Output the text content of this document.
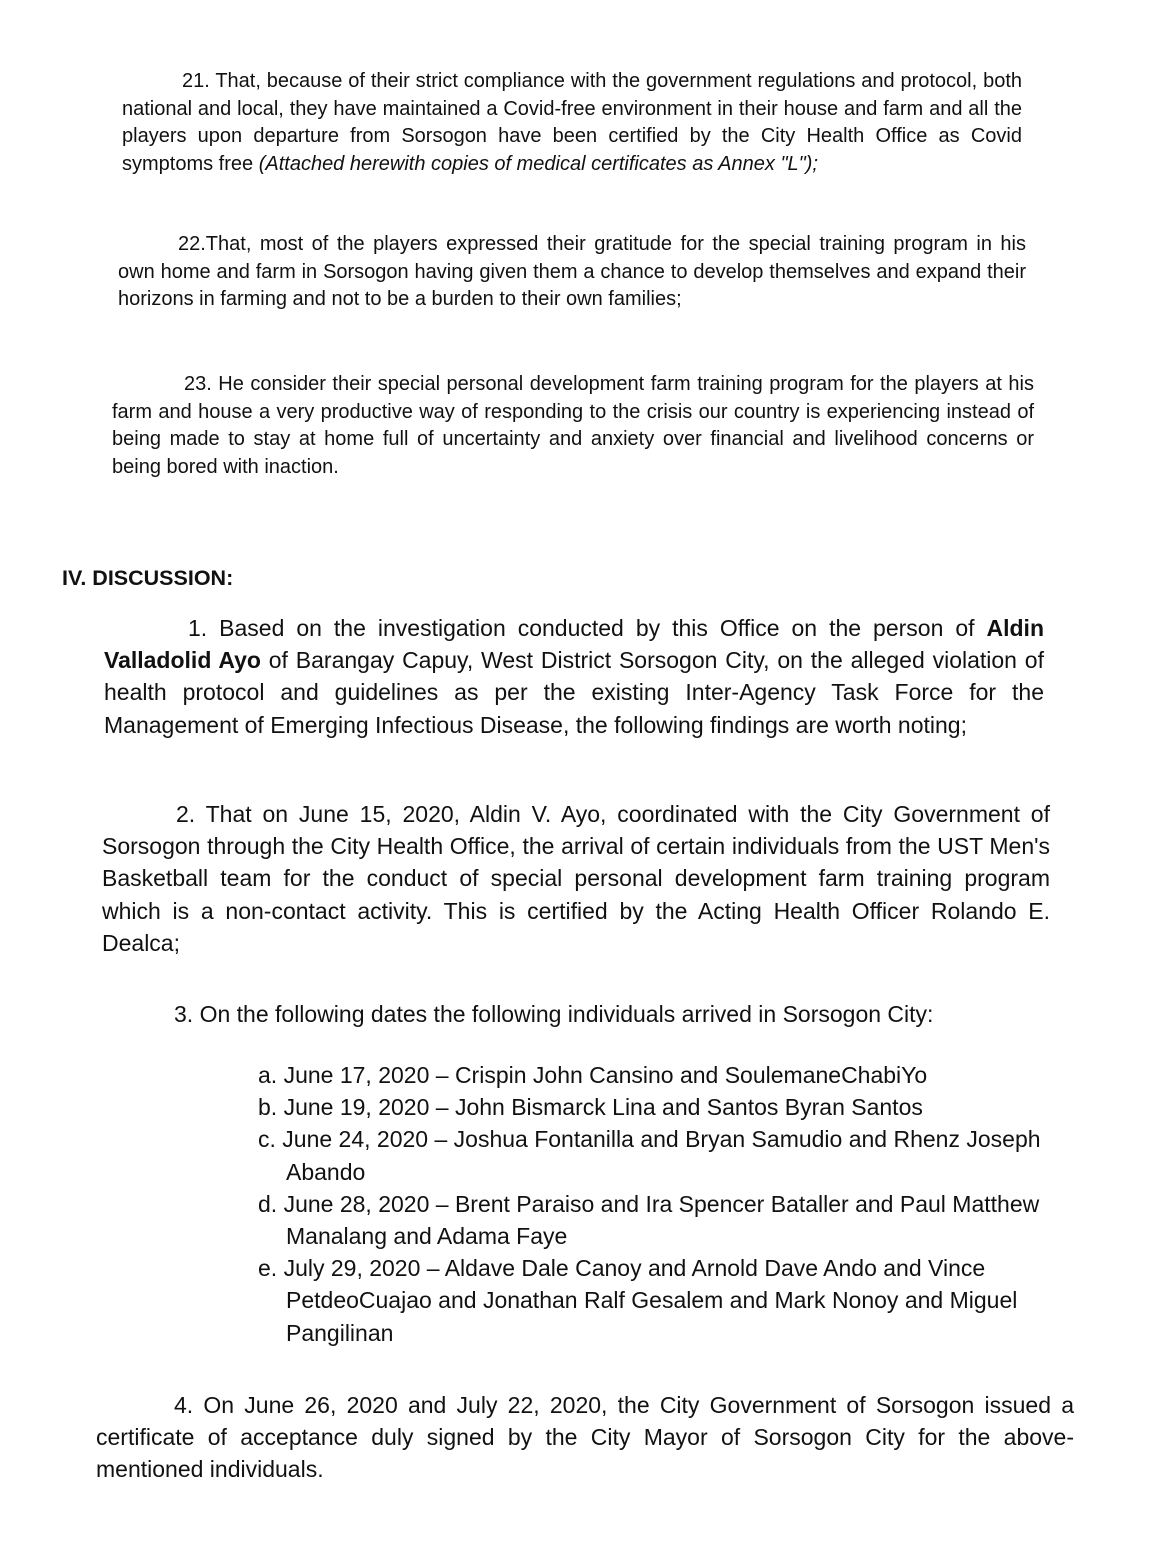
21. That, because of their strict compliance with the government regulations and protocol, both national and local, they have maintained a Covid-free environment in their house and farm and all the players upon departure from Sorsogon have been certified by the City Health Office as Covid symptoms free (Attached herewith copies of medical certificates as Annex "L");

22.That, most of the players expressed their gratitude for the special training program in his own home and farm in Sorsogon having given them a chance to develop themselves and expand their horizons in farming and not to be a burden to their own families;

23. He consider their special personal development farm training program for the players at his farm and house a very productive way of responding to the crisis our country is experiencing instead of being made to stay at home full of uncertainty and anxiety over financial and livelihood concerns or being bored with inaction.

IV. DISCUSSION:

1. Based on the investigation conducted by this Office on the person of Aldin Valladolid Ayo of Barangay Capuy, West District Sorsogon City, on the alleged violation of health protocol and guidelines as per the existing Inter-Agency Task Force for the Management of Emerging Infectious Disease, the following findings are worth noting;

2. That on June 15, 2020, Aldin V. Ayo, coordinated with the City Government of Sorsogon through the City Health Office, the arrival of certain individuals from the UST Men's Basketball team for the conduct of special personal development farm training program which is a non-contact activity. This is certified by the Acting Health Officer Rolando E. Dealca;

3. On the following dates the following individuals arrived in Sorsogon City:

a. June 17, 2020 – Crispin John Cansino and SoulemaneChabiYo
b. June 19, 2020 – John Bismarck Lina and Santos Byran Santos
c. June 24, 2020 – Joshua Fontanilla and Bryan Samudio and Rhenz Joseph Abando
d. June 28, 2020 – Brent Paraiso and Ira Spencer Bataller and Paul Matthew Manalang and Adama Faye
e. July 29, 2020 – Aldave Dale Canoy and Arnold Dave Ando and Vince PetdeoCuajao and Jonathan Ralf Gesalem and Mark Nonoy and Miguel Pangilinan

4. On June 26, 2020 and July 22, 2020, the City Government of Sorsogon issued a certificate of acceptance duly signed by the City Mayor of Sorsogon City for the above-mentioned individuals.
